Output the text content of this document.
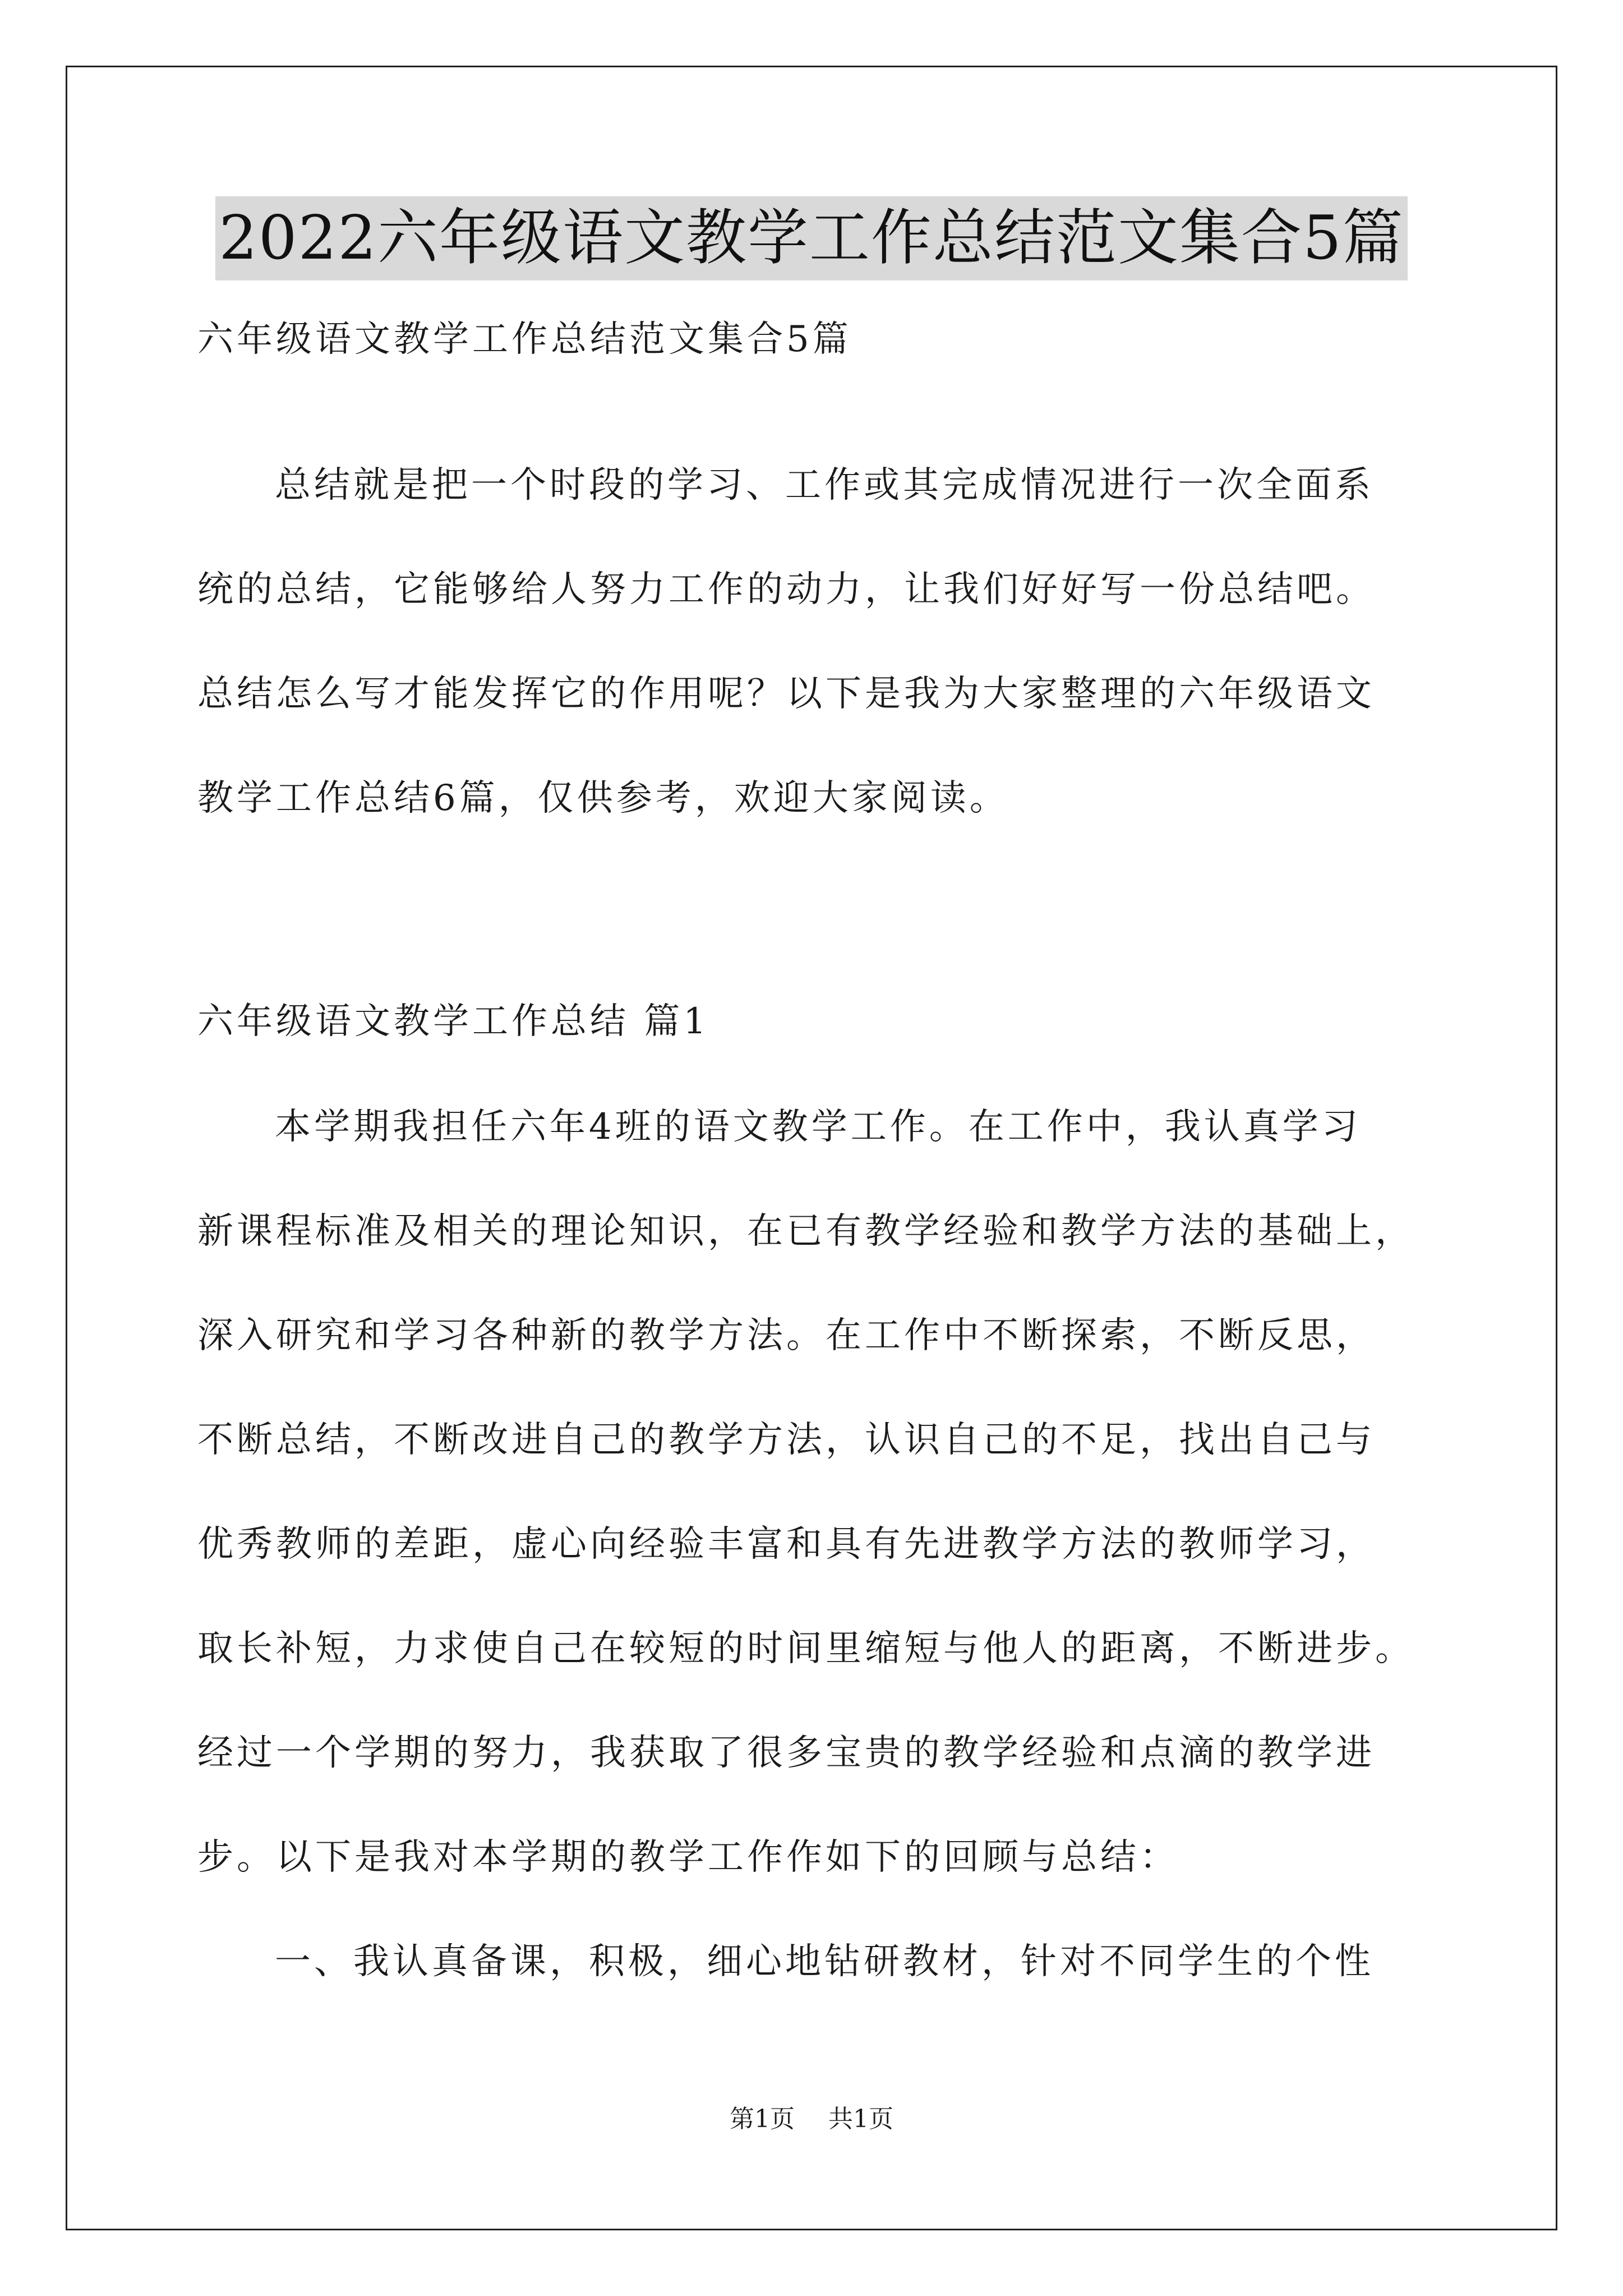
2022六年级语文教学工作总结范文集合5篇
六年级语文教学工作总结范文集合5篇
总结就是把一个时段的学习、工作或其完成情况进行一次全面系
统的总结，它能够给人努力工作的动力，让我们好好写一份总结吧。
总结怎么写才能发挥它的作用呢？以下是我为大家整理的六年级语文
教学工作总结6篇，仅供参考，欢迎大家阅读。
六年级语文教学工作总结 篇1
本学期我担任六年4班的语文教学工作。在工作中，我认真学习
新课程标准及相关的理论知识，在已有教学经验和教学方法的基础上，
深入研究和学习各种新的教学方法。在工作中不断探索，不断反思，
不断总结，不断改进自己的教学方法，认识自己的不足，找出自己与
优秀教师的差距，虚心向经验丰富和具有先进教学方法的教师学习，
取长补短，力求使自己在较短的时间里缩短与他人的距离，不断进步。
经过一个学期的努力，我获取了很多宝贵的教学经验和点滴的教学进
步。以下是我对本学期的教学工作作如下的回顾与总结：
一、我认真备课，积极，细心地钻研教材，针对不同学生的个性
第1页 共1页
